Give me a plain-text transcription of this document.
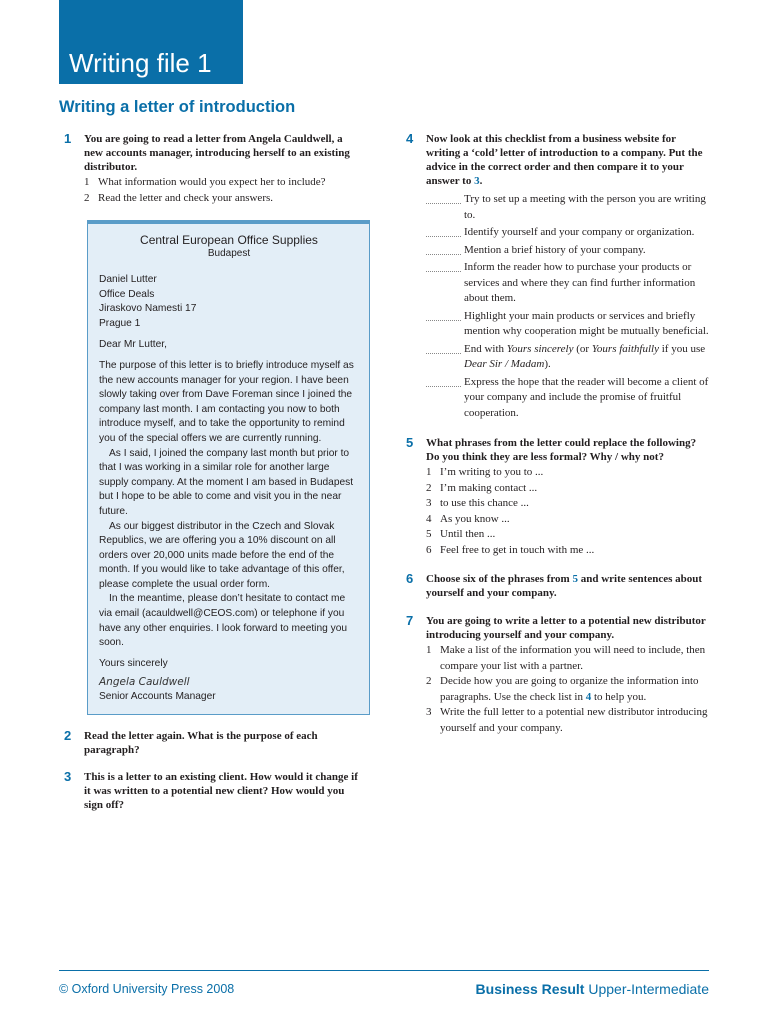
Writing file 1
Writing a letter of introduction
1 You are going to read a letter from Angela Cauldwell, a new accounts manager, introducing herself to an existing distributor.
1 What information would you expect her to include?
2 Read the letter and check your answers.
Central European Office Supplies
Budapest
Daniel Lutter
Office Deals
Jiraskovo Namesti 17
Prague 1
Dear Mr Lutter,

The purpose of this letter is to briefly introduce myself as the new accounts manager for your region. I have been slowly taking over from Dave Foreman since I joined the company last month. I am contacting you now to both introduce myself, and to take the opportunity to remind you of the special offers we are currently running.

As I said, I joined the company last month but prior to that I was working in a similar role for another large supply company. At the moment I am based in Budapest but I hope to be able to come and visit you in the near future.

As our biggest distributor in the Czech and Slovak Republics, we are offering you a 10% discount on all orders over 20,000 units made before the end of the month. If you would like to take advantage of this offer, please complete the usual order form.

In the meantime, please don’t hesitate to contact me via email (acauldwell@CEOS.com) or telephone if you have any other enquiries. I look forward to meeting you soon.

Yours sincerely
Angela Cauldwell
Senior Accounts Manager
2 Read the letter again. What is the purpose of each paragraph?
3 This is a letter to an existing client. How would it change if it was written to a potential new client? How would you sign off?
4 Now look at this checklist from a business website for writing a ‘cold’ letter of introduction to a company. Put the advice in the correct order and then compare it to your answer to 3.
Try to set up a meeting with the person you are writing to.
Identify yourself and your company or organization.
Mention a brief history of your company.
Inform the reader how to purchase your products or services and where they can find further information about them.
Highlight your main products or services and briefly mention why cooperation might be mutually beneficial.
End with Yours sincerely (or Yours faithfully if you use Dear Sir / Madam).
Express the hope that the reader will become a client of your company and include the promise of fruitful cooperation.
5 What phrases from the letter could replace the following? Do you think they are less formal? Why / why not?
1 I’m writing to you to ...
2 I’m making contact ...
3 to use this chance ...
4 As you know ...
5 Until then ...
6 Feel free to get in touch with me ...
6 Choose six of the phrases from 5 and write sentences about yourself and your company.
7 You are going to write a letter to a potential new distributor introducing yourself and your company.
1 Make a list of the information you will need to include, then compare your list with a partner.
2 Decide how you are going to organize the information into paragraphs. Use the check list in 4 to help you.
3 Write the full letter to a potential new distributor introducing yourself and your company.
© Oxford University Press 2008	Business Result Upper-Intermediate
